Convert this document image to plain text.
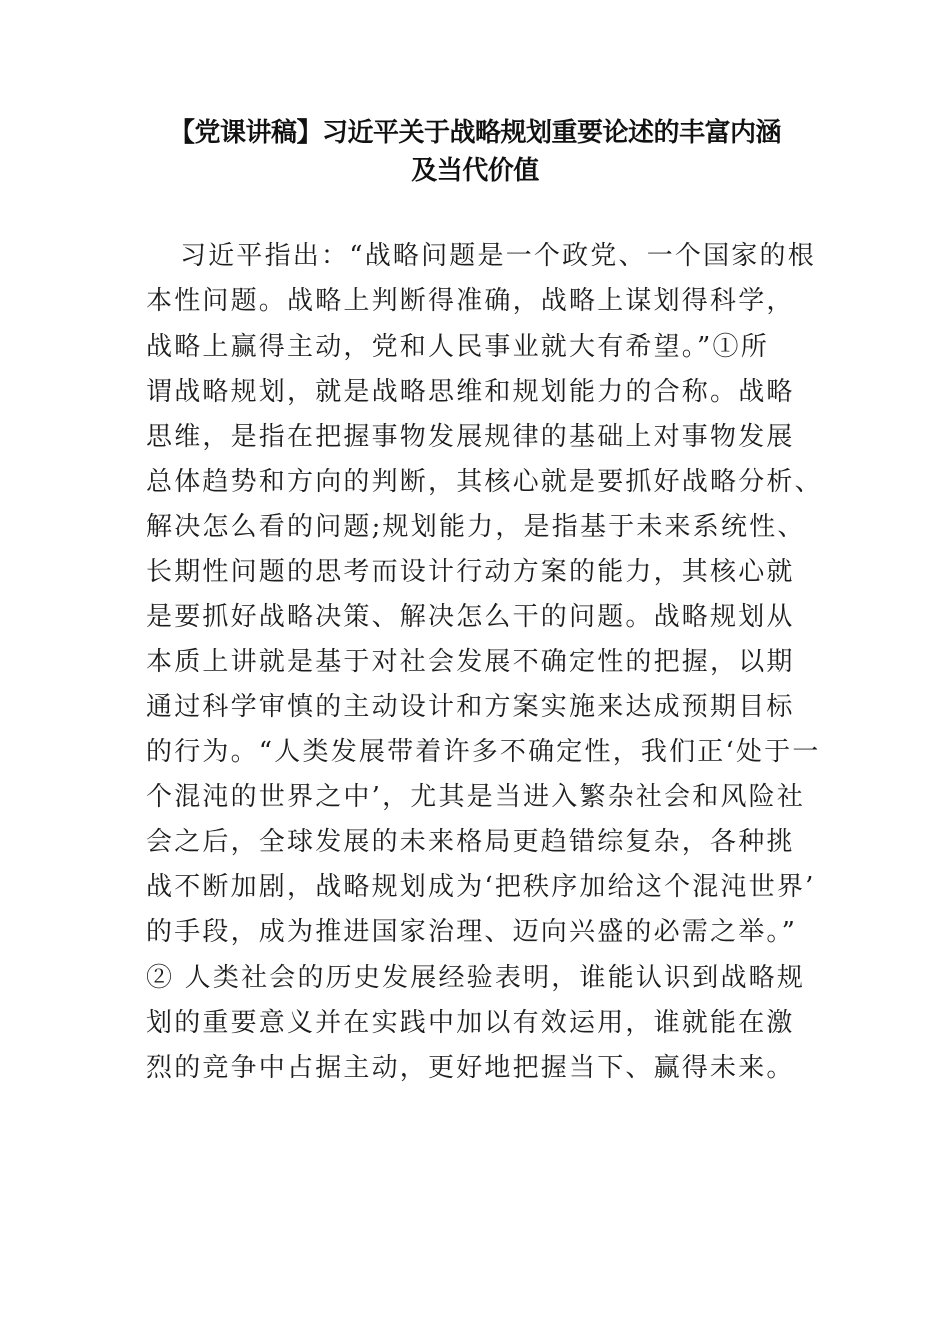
【党课讲稿】习近平关于战略规划重要论述的丰富内涵
及当代价值
习近平指出：“战略问题是一个政党、一个国家的根
本性问题。战略上判断得准确，战略上谋划得科学，
战略上赢得主动，党和人民事业就大有希望。”①所
谓战略规划，就是战略思维和规划能力的合称。战略
思维，是指在把握事物发展规律的基础上对事物发展
总体趋势和方向的判断，其核心就是要抓好战略分析、
解决怎么看的问题;规划能力，是指基于未来系统性、
长期性问题的思考而设计行动方案的能力，其核心就
是要抓好战略决策、解决怎么干的问题。战略规划从
本质上讲就是基于对社会发展不确定性的把握，以期
通过科学审慎的主动设计和方案实施来达成预期目标
的行为。“人类发展带着许多不确定性，我们正‘处于一
个混沌的世界之中’，尤其是当进入繁杂社会和风险社
会之后，全球发展的未来格局更趋错综复杂，各种挑
战不断加剧，战略规划成为‘把秩序加给这个混沌世界’
的手段，成为推进国家治理、迈向兴盛的必需之举。”
② 人类社会的历史发展经验表明，谁能认识到战略规
划的重要意义并在实践中加以有效运用，谁就能在激
烈的竞争中占据主动，更好地把握当下、赢得未来。
